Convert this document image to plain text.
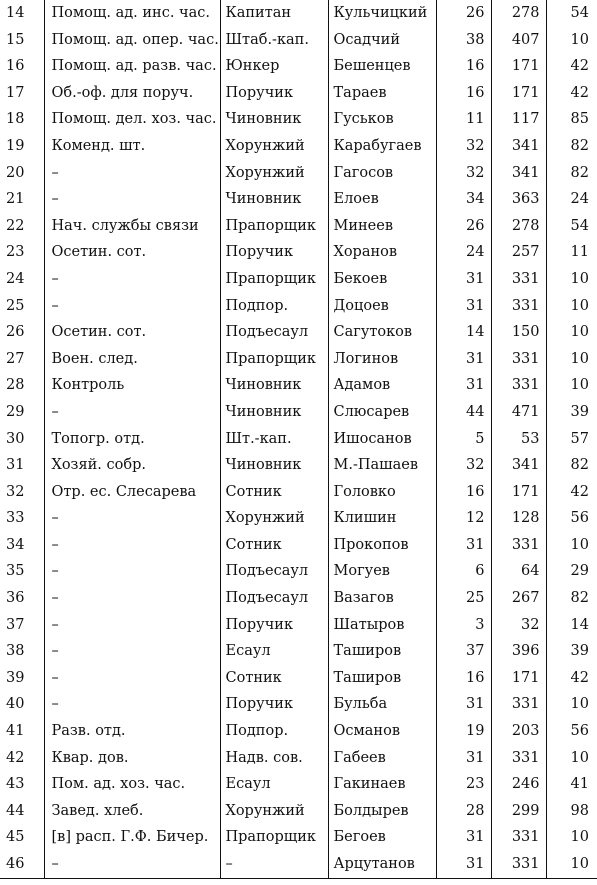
14	Помощ. ад. инс. час.	Капитан	Кульчицкий	26	278	54
15	Помощ. ад. опер. час.	Штаб.-кап.	Осадчий	38	407	10
16	Помощ. ад. разв. час.	Юнкер	Бешенцев	16	171	42
17	Об.-оф. для поруч.	Поручик	Тараев	16	171	42
18	Помощ. дел. хоз. час.	Чиновник	Гуськов	11	117	85
19	Коменд. шт.	Хорунжий	Карабугаев	32	341	82
20	–	Хорунжий	Гагосов	32	341	82
21	–	Чиновник	Елоев	34	363	24
22	Нач. службы связи	Прапорщик	Минеев	26	278	54
23	Осетин. сот.	Поручик	Хоранов	24	257	11
24	–	Прапорщик	Бекоев	31	331	10
25	–	Подпор.	Доцоев	31	331	10
26	Осетин. сот.	Подъесаул	Сагутоков	14	150	10
27	Воен. след.	Прапорщик	Логинов	31	331	10
28	Контроль	Чиновник	Адамов	31	331	10
29	–	Чиновник	Слюсарев	44	471	39
30	Топогр. отд.	Шт.-кап.	Ишосанов	5	53	57
31	Хозяй. собр.	Чиновник	М.-Пашаев	32	341	82
32	Отр. ес. Слесарева	Сотник	Головко	16	171	42
33	–	Хорунжий	Клишин	12	128	56
34	–	Сотник	Прокопов	31	331	10
35	–	Подъесаул	Могуев	6	64	29
36	–	Подъесаул	Вазагов	25	267	82
37	–	Поручик	Шатыров	3	32	14
38	–	Есаул	Таширов	37	396	39
39	–	Сотник	Таширов	16	171	42
40	–	Поручик	Бульба	31	331	10
41	Разв. отд.	Подпор.	Османов	19	203	56
42	Квар. дов.	Надв. сов.	Габеев	31	331	10
43	Пом. ад. хоз. час.	Есаул	Гакинаев	23	246	41
44	Завед. хлеб.	Хорунжий	Болдырев	28	299	98
45	[в] расп. Г.Ф. Бичер.	Прапорщик	Бегоев	31	331	10
46	–	–	Арцутанов	31	331	10
